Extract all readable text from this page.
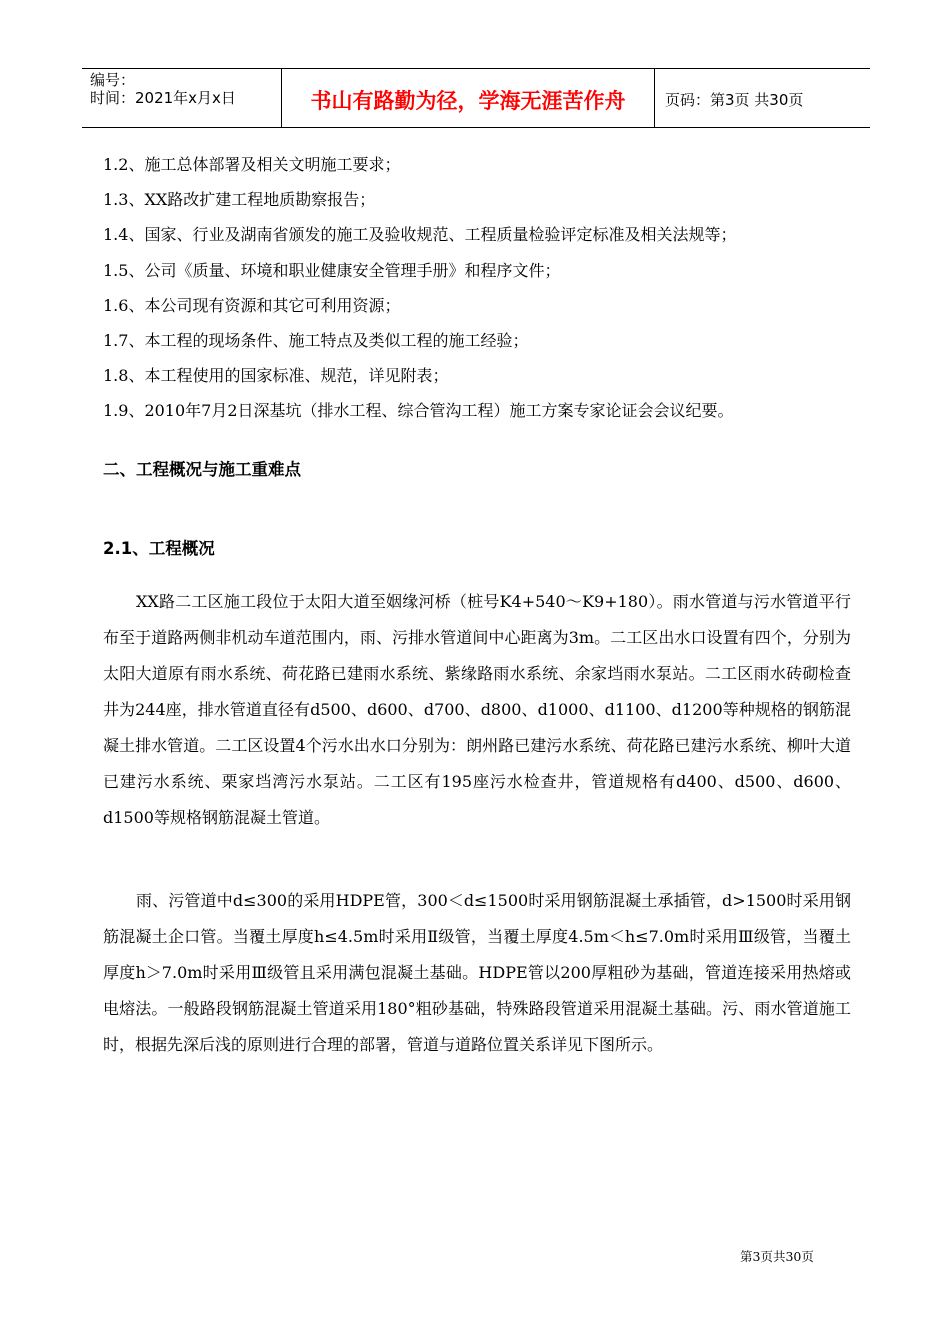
编号：
时间：2021年x月x日	书山有路勤为径，学海无涯苦作舟	页码：第3页 共30页
1.2、施工总体部署及相关文明施工要求；
1.3、XX路改扩建工程地质勘察报告；
1.4、国家、行业及湖南省颁发的施工及验收规范、工程质量检验评定标准及相关法规等；
1.5、公司《质量、环境和职业健康安全管理手册》和程序文件；
1.6、本公司现有资源和其它可利用资源；
1.7、本工程的现场条件、施工特点及类似工程的施工经验；
1.8、本工程使用的国家标准、规范，详见附表；
1.9、2010年7月2日深基坑（排水工程、综合管沟工程）施工方案专家论证会会议纪要。
二、工程概况与施工重难点
2.1、工程概况

XX路二工区施工段位于太阳大道至姻缘河桥（桩号K4+540～K9+180）。雨水管道与污水管道平行布至于道路两侧非机动车道范围内，雨、污排水管道间中心距离为3m。二工区出水口设置有四个，分别为太阳大道原有雨水系统、荷花路已建雨水系统、紫缘路雨水系统、余家垱雨水泵站。二工区雨水砖砌检查井为244座，排水管道直径有d500、d600、d700、d800、d1000、d1100、d1200等种规格的钢筋混凝土排水管道。二工区设置4个污水出水口分别为：朗州路已建污水系统、荷花路已建污水系统、柳叶大道已建污水系统、栗家垱湾污水泵站。二工区有195座污水检查井，管道规格有d400、d500、d600、d1500等规格钢筋混凝土管道。

雨、污管道中d≤300的采用HDPE管，300＜d≤1500时采用钢筋混凝土承插管，d>1500时采用钢筋混凝土企口管。当覆土厚度h≤4.5m时采用Ⅱ级管，当覆土厚度4.5m＜h≤7.0m时采用Ⅲ级管，当覆土厚度h＞7.0m时采用Ⅲ级管且采用满包混凝土基础。HDPE管以200厚粗砂为基础，管道连接采用热熔或电熔法。一般路段钢筋混凝土管道采用180°粗砂基础，特殊路段管道采用混凝土基础。污、雨水管道施工时，根据先深后浅的原则进行合理的部署，管道与道路位置关系详见下图所示。

第3页共30页
